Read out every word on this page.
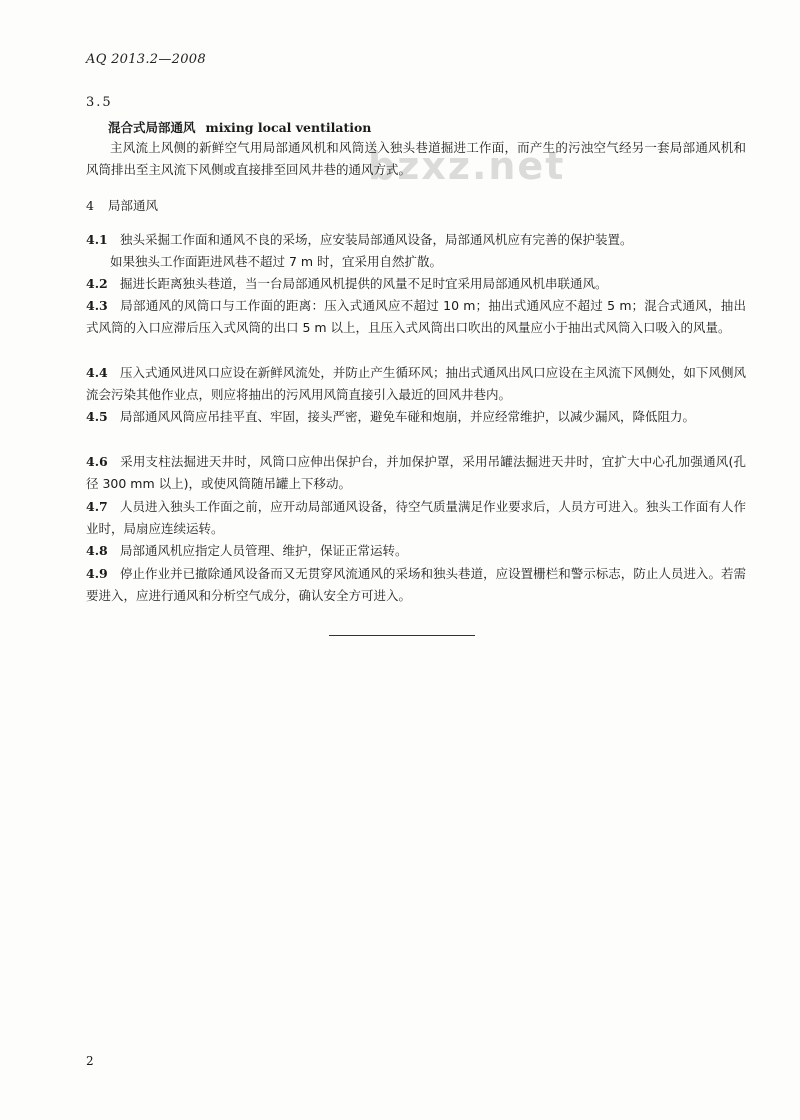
AQ 2013.2—2008
bzxz.net
3.5
混合式局部通风 mixing local ventilation
主风流上风侧的新鲜空气用局部通风机和风筒送入独头巷道掘进工作面，而产生的污浊空气经另一套局部通风机和风筒排出至主风流下风侧或直接排至回风井巷的通风方式。
4 局部通风
4.1 独头采掘工作面和通风不良的采场，应安装局部通风设备，局部通风机应有完善的保护装置。
如果独头工作面距进风巷不超过 7 m 时，宜采用自然扩散。
4.2 掘进长距离独头巷道，当一台局部通风机提供的风量不足时宜采用局部通风机串联通风。
4.3 局部通风的风筒口与工作面的距离：压入式通风应不超过 10 m；抽出式通风应不超过 5 m；混合式通风，抽出式风筒的入口应滞后压入式风筒的出口 5 m 以上，且压入式风筒出口吹出的风量应小于抽出式风筒入口吸入的风量。
4.4 压入式通风进风口应设在新鲜风流处，并防止产生循环风；抽出式通风出风口应设在主风流下风侧处，如下风侧风流会污染其他作业点，则应将抽出的污风用风筒直接引入最近的回风井巷内。
4.5 局部通风风筒应吊挂平直、牢固，接头严密，避免车碰和炮崩，并应经常维护，以减少漏风，降低阻力。
4.6 采用支柱法掘进天井时，风筒口应伸出保护台，并加保护罩，采用吊罐法掘进天井时，宜扩大中心孔加强通风(孔径 300 mm 以上)，或使风筒随吊罐上下移动。
4.7 人员进入独头工作面之前，应开动局部通风设备，待空气质量满足作业要求后，人员方可进入。独头工作面有人作业时，局扇应连续运转。
4.8 局部通风机应指定人员管理、维护，保证正常运转。
4.9 停止作业并已撤除通风设备而又无贯穿风流通风的采场和独头巷道，应设置栅栏和警示标志，防止人员进入。若需要进入，应进行通风和分析空气成分，确认安全方可进入。
2
